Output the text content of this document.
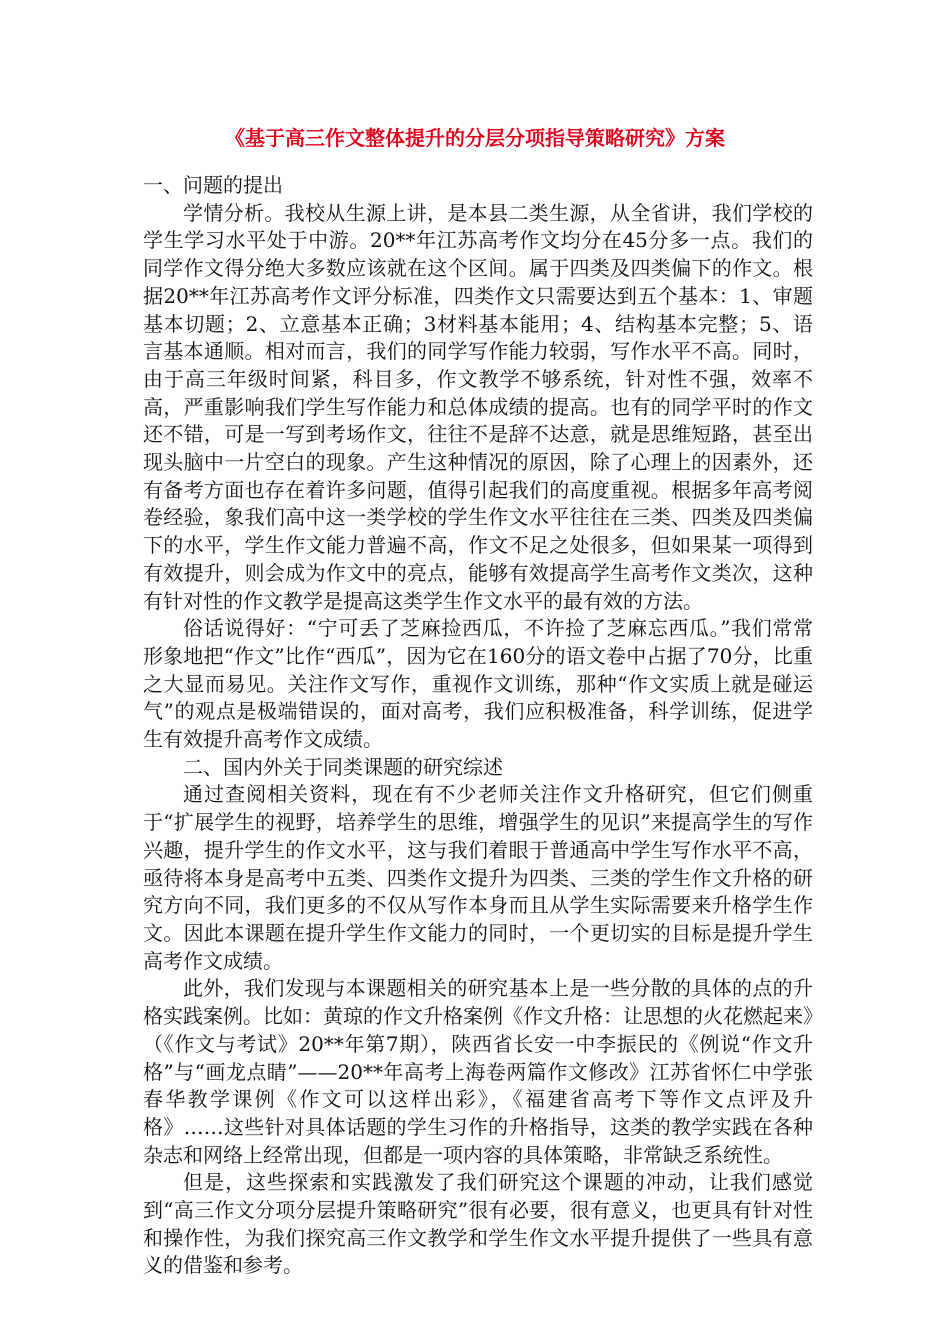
《基于高三作文整体提升的分层分项指导策略研究》方案

一、问题的提出

学情分析。我校从生源上讲，是本县二类生源，从全省讲，我们学校的学生学习水平处于中游。20**年江苏高考作文均分在45分多一点。我们的同学作文得分绝大多数应该就在这个区间。属于四类及四类偏下的作文。根据20**年江苏高考作文评分标准，四类作文只需要达到五个基本：1、审题基本切题；2、立意基本正确；3材料基本能用；4、结构基本完整；5、语言基本通顺。相对而言，我们的同学写作能力较弱，写作水平不高。同时，由于高三年级时间紧，科目多，作文教学不够系统，针对性不强，效率不高，严重影响我们学生写作能力和总体成绩的提高。也有的同学平时的作文还不错，可是一写到考场作文，往往不是辞不达意，就是思维短路，甚至出现头脑中一片空白的现象。产生这种情况的原因，除了心理上的因素外，还有备考方面也存在着许多问题，值得引起我们的高度重视。根据多年高考阅卷经验，象我们高中这一类学校的学生作文水平往往在三类、四类及四类偏下的水平，学生作文能力普遍不高，作文不足之处很多，但如果某一项得到有效提升，则会成为作文中的亮点，能够有效提高学生高考作文类次，这种有针对性的作文教学是提高这类学生作文水平的最有效的方法。

俗话说得好：“宁可丢了芝麻捡西瓜，不许捡了芝麻忘西瓜。”我们常常形象地把“作文”比作“西瓜”，因为它在160分的语文卷中占据了70分，比重之大显而易见。关注作文写作，重视作文训练，那种“作文实质上就是碰运气”的观点是极端错误的，面对高考，我们应积极准备，科学训练，促进学生有效提升高考作文成绩。

二、国内外关于同类课题的研究综述

通过查阅相关资料，现在有不少老师关注作文升格研究，但它们侧重于“扩展学生的视野，培养学生的思维，增强学生的见识”来提高学生的写作兴趣，提升学生的作文水平，这与我们着眼于普通高中学生写作水平不高，亟待将本身是高考中五类、四类作文提升为四类、三类的学生作文升格的研究方向不同，我们更多的不仅从写作本身而且从学生实际需要来升格学生作文。因此本课题在提升学生作文能力的同时，一个更切实的目标是提升学生高考作文成绩。

此外，我们发现与本课题相关的研究基本上是一些分散的具体的点的升格实践案例。比如：黄琼的作文升格案例《作文升格：让思想的火花燃起来》（《作文与考试》20**年第7期），陕西省长安一中李振民的《例说“作文升格”与“画龙点睛”——20**年高考上海卷两篇作文修改》江苏省怀仁中学张春华教学课例《作文可以这样出彩》，《福建省高考下等作文点评及升格》……这些针对具体话题的学生习作的升格指导，这类的教学实践在各种杂志和网络上经常出现，但都是一项内容的具体策略，非常缺乏系统性。

但是，这些探索和实践激发了我们研究这个课题的冲动，让我们感觉到“高三作文分项分层提升策略研究”很有必要，很有意义，也更具有针对性和操作性，为我们探究高三作文教学和学生作文水平提升提供了一些具有意义的借鉴和参考。
